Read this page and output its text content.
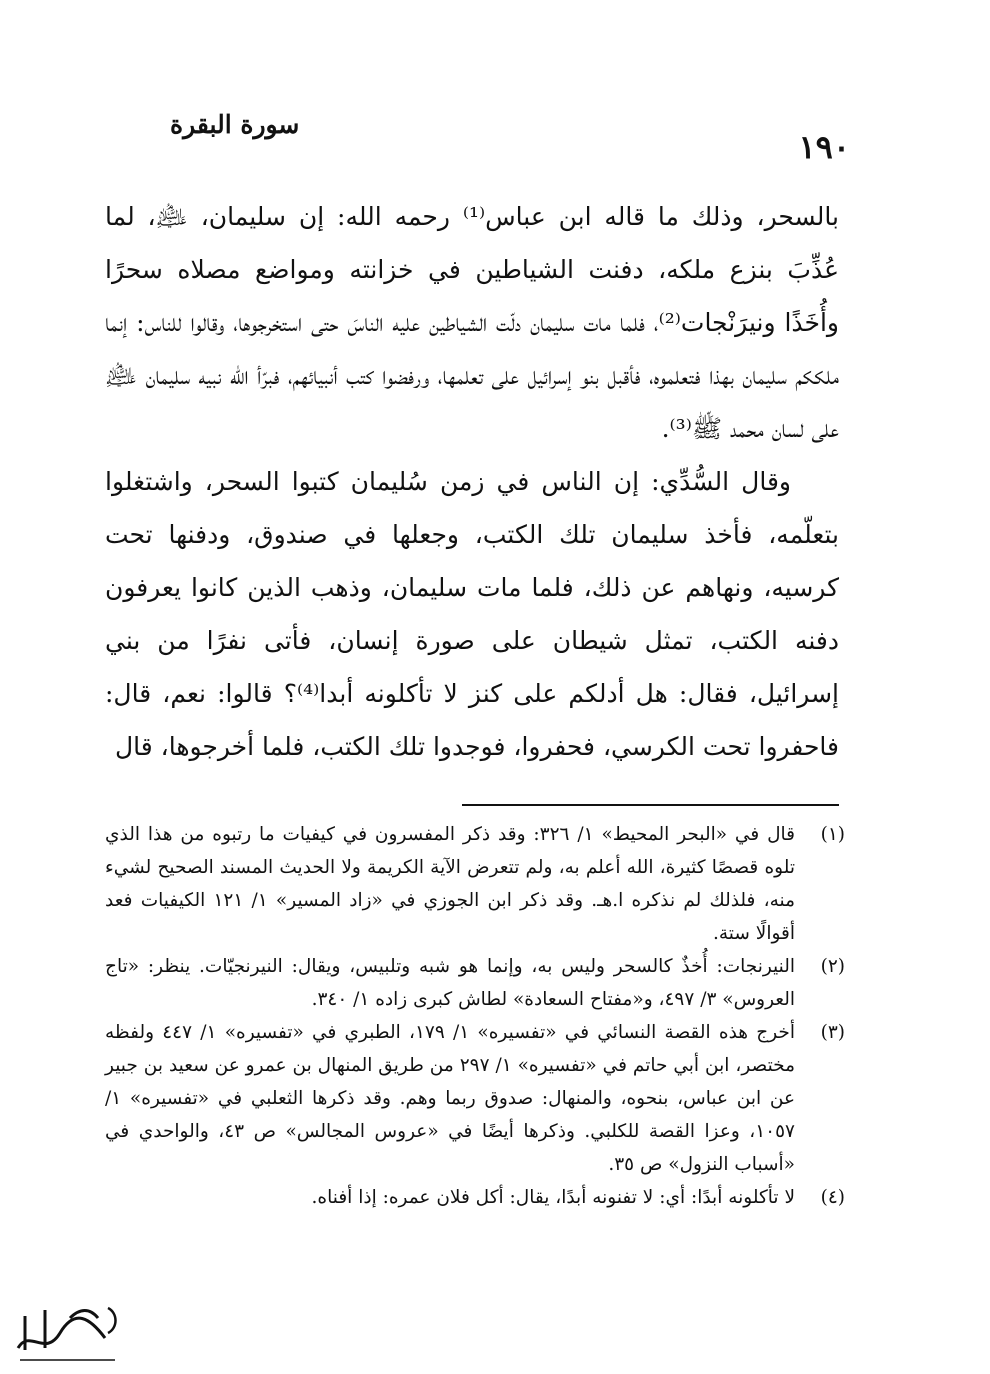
سورة البقرة
١٩٠

بالسحر، وذلك ما قاله ابن عباس⁽¹⁾ رحمه الله: إن سليمان، ﵇، لما عُذِّبَ بنزع ملكه، دفنت الشياطين في خزانته ومواضع مصلاه سحرًا وأُخَذًا ونيرَنْجات⁽²⁾، فلما مات سليمان دلّت الشياطين عليه الناسَ حتى استخرجوها، وقالوا للناس: إنما ملككم سليمان بهذا فتعلموه، فأقبل بنو إسرائيل على تعلمها، ورفضوا كتب أنبيائهم، فبرّأ الله نبيه سليمان ﵇ على لسان محمد ﷺ⁽³⁾.

وقال السُّدِّي: إن الناس في زمن سُليمان كتبوا السحر، واشتغلوا بتعلّمه، فأخذ سليمان تلك الكتب، وجعلها في صندوق، ودفنها تحت كرسيه، ونهاهم عن ذلك، فلما مات سليمان، وذهب الذين كانوا يعرفون دفنه الكتب، تمثل شيطان على صورة إنسان، فأتى نفرًا من بني إسرائيل، فقال: هل أدلكم على كنز لا تأكلونه أبدا⁽⁴⁾؟ قالوا: نعم، قال: فاحفروا تحت الكرسي، فحفروا، فوجدوا تلك الكتب، فلما أخرجوها، قال

(١)
قال في «البحر المحيط» ١/ ٣٢٦: وقد ذكر المفسرون في كيفيات ما رتبوه من هذا الذي تلوه قصصًا كثيرة، الله أعلم به، ولم تتعرض الآية الكريمة ولا الحديث المسند الصحيح لشيء منه، فلذلك لم نذكره ا.هـ. وقد ذكر ابن الجوزي في «زاد المسير» ١/ ١٢١ الكيفيات فعد أقوالًا ستة.
(٢)
النيرنجات: أُخذٌ كالسحر وليس به، وإنما هو شبه وتلبيس، ويقال: النيرنجيّات. ينظر: «تاج العروس» ٣/ ٤٩٧، و«مفتاح السعادة» لطاش كبرى زاده ١/ ٣٤٠.
(٣)
أخرج هذه القصة النسائي في «تفسيره» ١/ ١٧٩، الطبري في «تفسيره» ١/ ٤٤٧ ولفظه مختصر، ابن أبي حاتم في «تفسيره» ١/ ٢٩٧ من طريق المنهال بن عمرو عن سعيد بن جبير عن ابن عباس، بنحوه، والمنهال: صدوق ربما وهم. وقد ذكرها الثعلبي في «تفسيره» ١/ ١٠٥٧، وعزا القصة للكلبي. وذكرها أيضًا في «عروس المجالس» ص ٤٣، والواحدي في «أسباب النزول» ص ٣٥.
(٤)
لا تأكلونه أبدًا: أي: لا تفنونه أبدًا، يقال: أكل فلان عمره: إذا أفناه.
